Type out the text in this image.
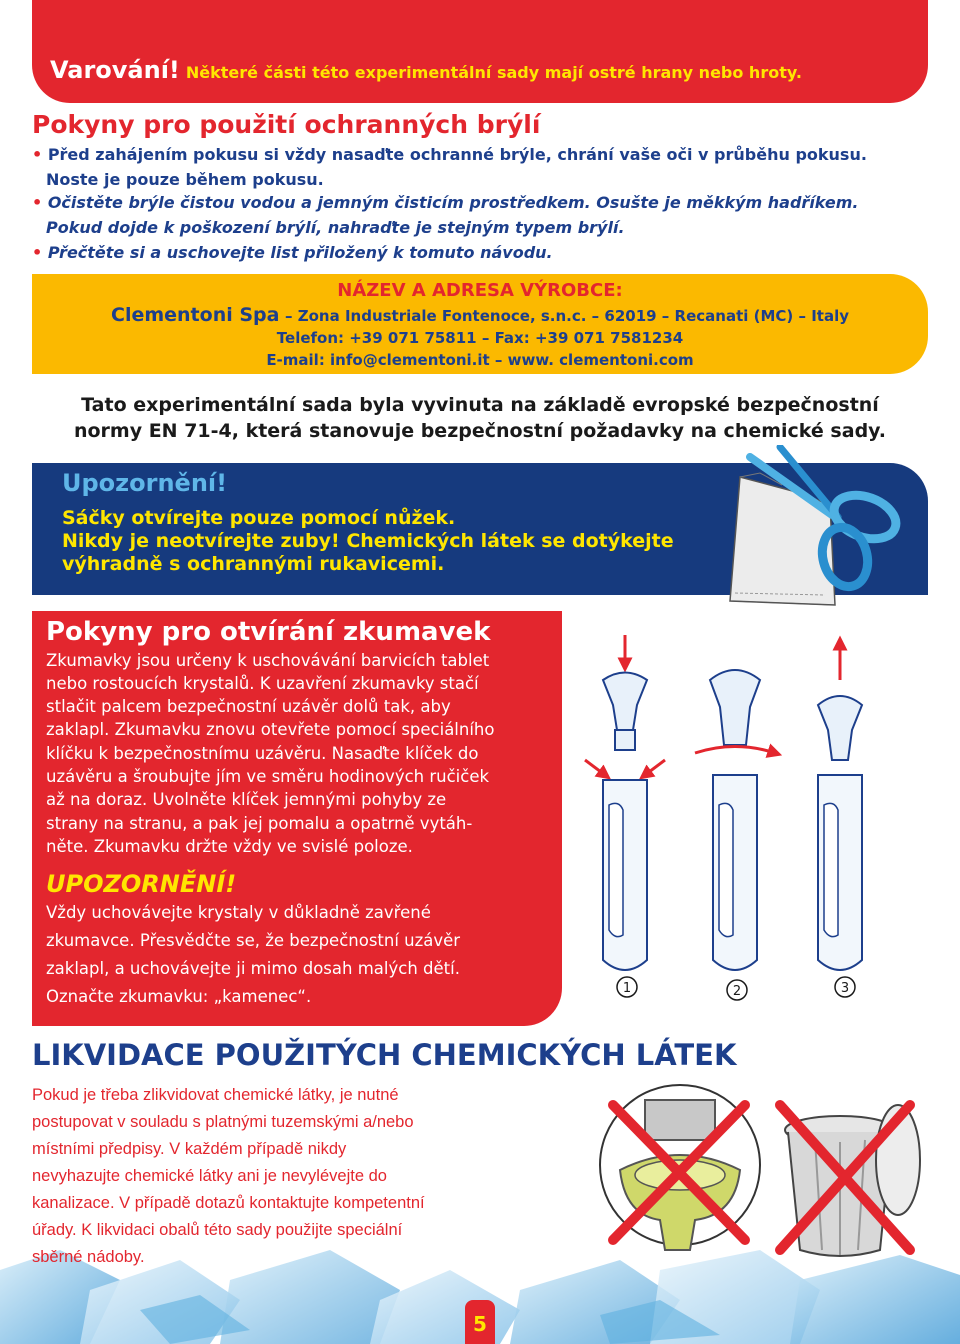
Varování! Některé části této experimentální sady mají ostré hrany nebo hroty.
Pokyny pro použití ochranných brýlí
• Před zahájením pokusu si vždy nasaďte ochranné brýle, chrání vaše oči v průběhu pokusu.
Noste je pouze během pokusu.
• Očistěte brýle čistou vodou a jemným čisticím prostředkem. Osušte je měkkým hadříkem.
Pokud dojde k poškození brýlí, nahraďte je stejným typem brýlí.
• Přečtěte si a uschovejte list přiložený k tomuto návodu.
NÁZEV A ADRESA VÝROBCE:
Clementoni Spa – Zona Industriale Fontenoce, s.n.c. – 62019 – Recanati (MC) – Italy
Telefon: +39 071 75811 – Fax: +39 071 7581234
E-mail: info@clementoni.it – www. clementoni.com
Tato experimentální sada byla vyvinuta na základě evropské bezpečnostní
normy EN 71-4, která stanovuje bezpečnostní požadavky na chemické sady.
Upozornění!
Sáčky otvírejte pouze pomocí nůžek.
Nikdy je neotvírejte zuby! Chemických látek se dotýkejte
výhradně s ochrannými rukavicemi.
Pokyny pro otvírání zkumavek
Zkumavky jsou určeny k uschovávání barvicích tablet
nebo rostoucích krystalů. K uzavření zkumavky stačí
stlačit palcem bezpečnostní uzávěr dolů tak, aby
zaklapl. Zkumavku znovu otevřete pomocí speciálního
klíčku k bezpečnostnímu uzávěru. Nasaďte klíček do
uzávěru a šroubujte jím ve směru hodinových ručiček
až na doraz. Uvolněte klíček jemnými pohyby ze
strany na stranu, a pak jej pomalu a opatrně vytáh-
něte. Zkumavku držte vždy ve svislé poloze.
UPOZORNĚNÍ!
Vždy uchovávejte krystaly v důkladně zavřené
zkumavce. Přesvědčte se, že bezpečnostní uzávěr
zaklapl, a uchovávejte ji mimo dosah malých dětí.
Označte zkumavku: „kamenec“.	1	2	3
LIKVIDACE POUŽITÝCH CHEMICKÝCH LÁTEK
Pokud je třeba zlikvidovat chemické látky, je nutné
postupovat v souladu s platnými tuzemskými a/nebo
místními předpisy. V každém případě nikdy
nevyhazujte chemické látky ani je nevylévejte do
kanalizace. V případě dotazů kontaktujte kompetentní
úřady. K likvidaci obalů této sady použijte speciální
sběrné nádoby.
5
